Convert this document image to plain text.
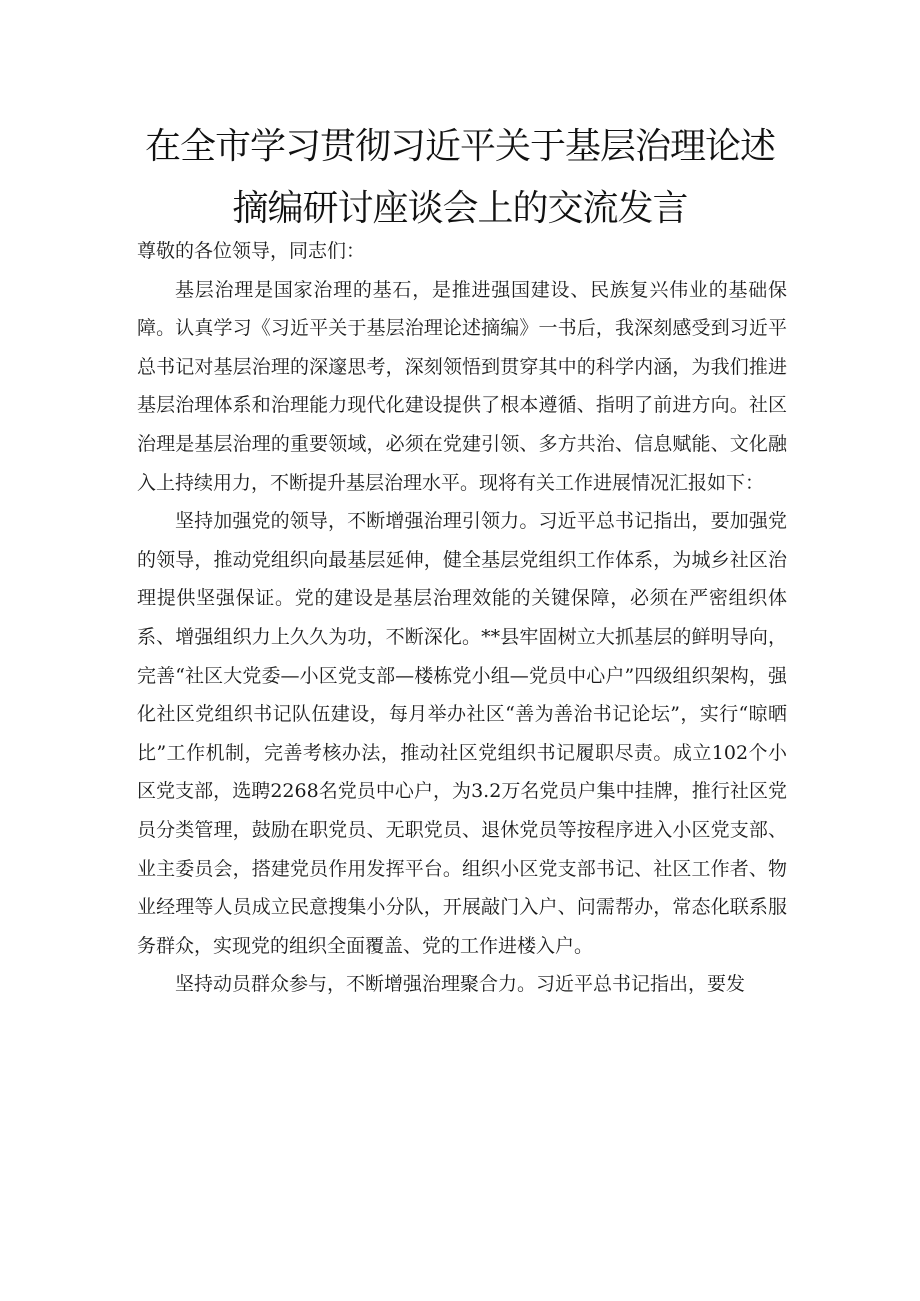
在全市学习贯彻习近平关于基层治理论述
摘编研讨座谈会上的交流发言

尊敬的各位领导，同志们：

基层治理是国家治理的基石，是推进强国建设、民族复兴伟业的基础保障。认真学习《习近平关于基层治理论述摘编》一书后，我深刻感受到习近平总书记对基层治理的深邃思考，深刻领悟到贯穿其中的科学内涵，为我们推进基层治理体系和治理能力现代化建设提供了根本遵循、指明了前进方向。社区治理是基层治理的重要领域，必须在党建引领、多方共治、信息赋能、文化融入上持续用力，不断提升基层治理水平。现将有关工作进展情况汇报如下：

坚持加强党的领导，不断增强治理引领力。习近平总书记指出，要加强党的领导，推动党组织向最基层延伸，健全基层党组织工作体系，为城乡社区治理提供坚强保证。党的建设是基层治理效能的关键保障，必须在严密组织体系、增强组织力上久久为功，不断深化。**县牢固树立大抓基层的鲜明导向，完善“社区大党委—小区党支部—楼栋党小组—党员中心户”四级组织架构，强化社区党组织书记队伍建设，每月举办社区“善为善治书记论坛”，实行“晾晒比”工作机制，完善考核办法，推动社区党组织书记履职尽责。成立102个小区党支部，选聘2268名党员中心户，为3.2万名党员户集中挂牌，推行社区党员分类管理，鼓励在职党员、无职党员、退休党员等按程序进入小区党支部、业主委员会，搭建党员作用发挥平台。组织小区党支部书记、社区工作者、物业经理等人员成立民意搜集小分队，开展敲门入户、问需帮办，常态化联系服务群众，实现党的组织全面覆盖、党的工作进楼入户。

坚持动员群众参与，不断增强治理聚合力。习近平总书记指出，要发
